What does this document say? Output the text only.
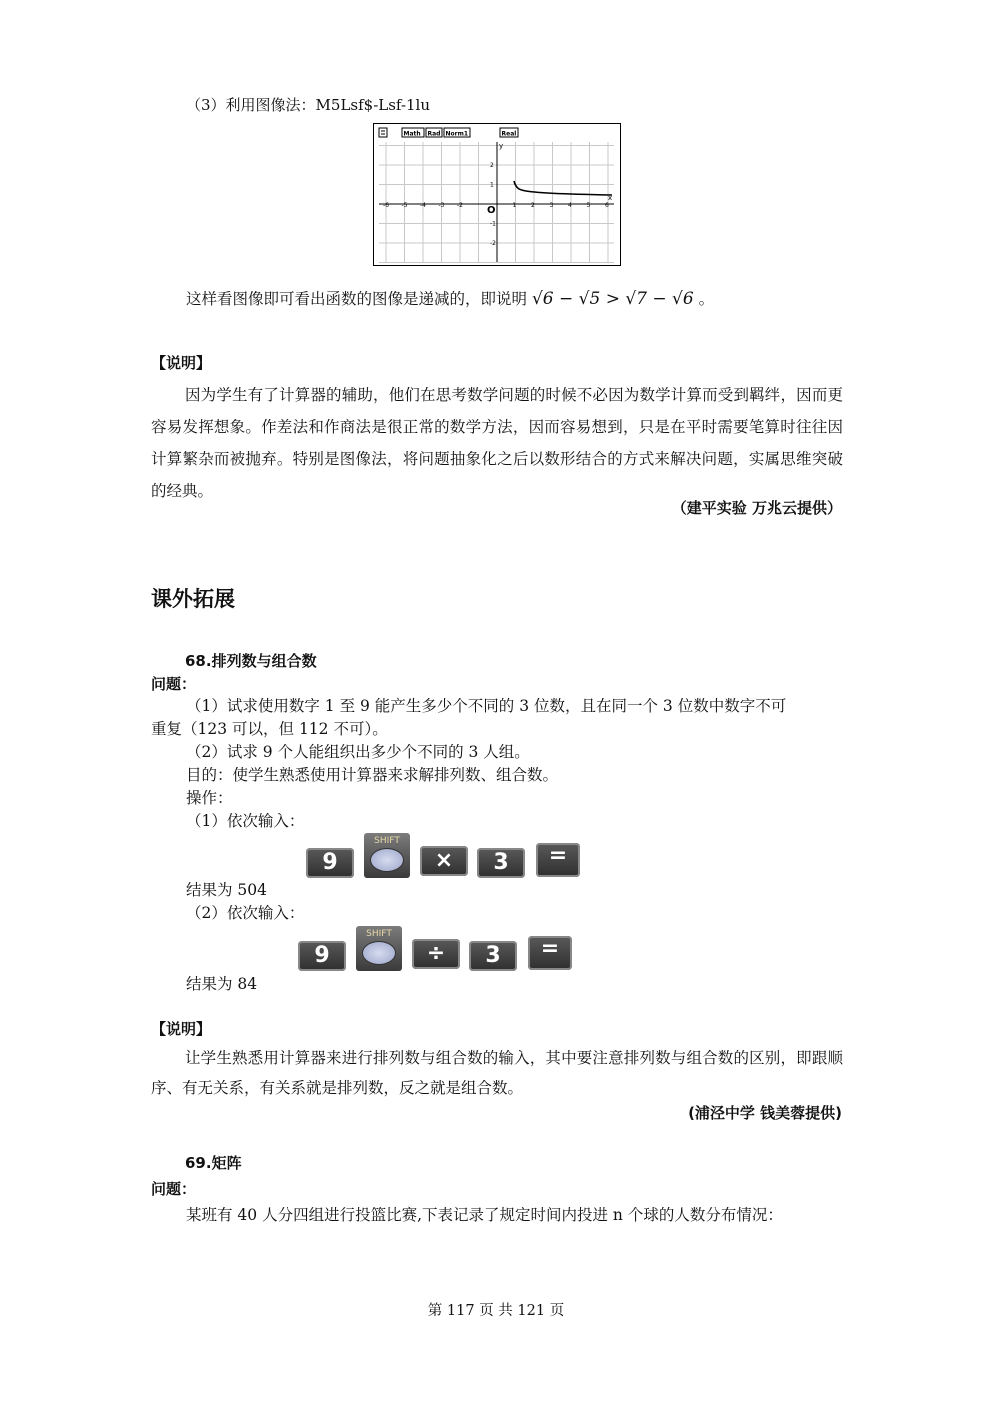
（3）利用图像法：M5Lsf$-Lsf-1lu
Math Rad Norm1	Real
-6 -5 -4 -3 -2	1 2 3 4 5 6
2
1
-1
-2
y
x
O
这样看图像即可看出函数的图像是递减的，即说明 √6 − √5 > √7 − √6 。
【说明】
因为学生有了计算器的辅助，他们在思考数学问题的时候不必因为数学计算而受到羁绊，因而更容易发挥想象。作差法和作商法是很正常的数学方法，因而容易想到，只是在平时需要笔算时往往因计算繁杂而被抛弃。特别是图像法，将问题抽象化之后以数形结合的方式来解决问题，实属思维突破的经典。
（建平实验 万兆云提供）
课外拓展
68.排列数与组合数
问题：
（1）试求使用数字 1 至 9 能产生多少个不同的 3 位数，且在同一个 3 位数中数字不可
重复（123 可以，但 112 不可）。
（2）试求 9 个人能组织出多少个不同的 3 人组。
目的：使学生熟悉使用计算器来求解排列数、组合数。
操作：
（1）依次输入：
9
SHIFT
×	3	=
结果为 504
（2）依次输入：
9
SHIFT
÷	3	=
结果为 84
【说明】
让学生熟悉用计算器来进行排列数与组合数的输入，其中要注意排列数与组合数的区别，即跟顺序、有无关系，有关系就是排列数，反之就是组合数。
(浦泾中学 钱美蓉提供)
69.矩阵
问题：
某班有 40 人分四组进行投篮比赛,下表记录了规定时间内投进 n 个球的人数分布情况：
第 117 页 共 121 页
